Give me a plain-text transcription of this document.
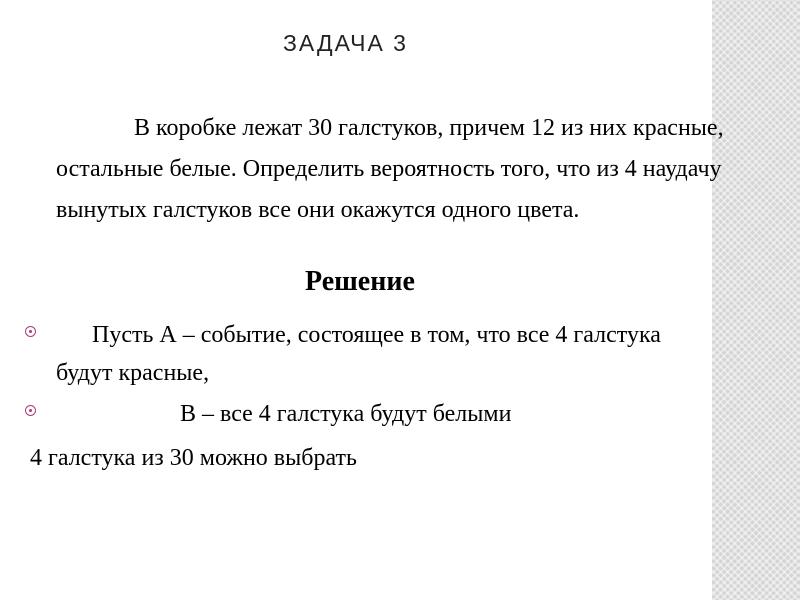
ЗАДАЧА 3
В коробке лежат 30 галстуков, причем 12 из них красные, остальные белые. Определить вероятность того, что из 4 наудачу вынутых галстуков все они окажутся одного цвета.
Решение
Пусть А – событие, состоящее в том, что все 4 галстука будут красные,
В – все 4 галстука будут белыми
4 галстука из 30 можно выбрать
